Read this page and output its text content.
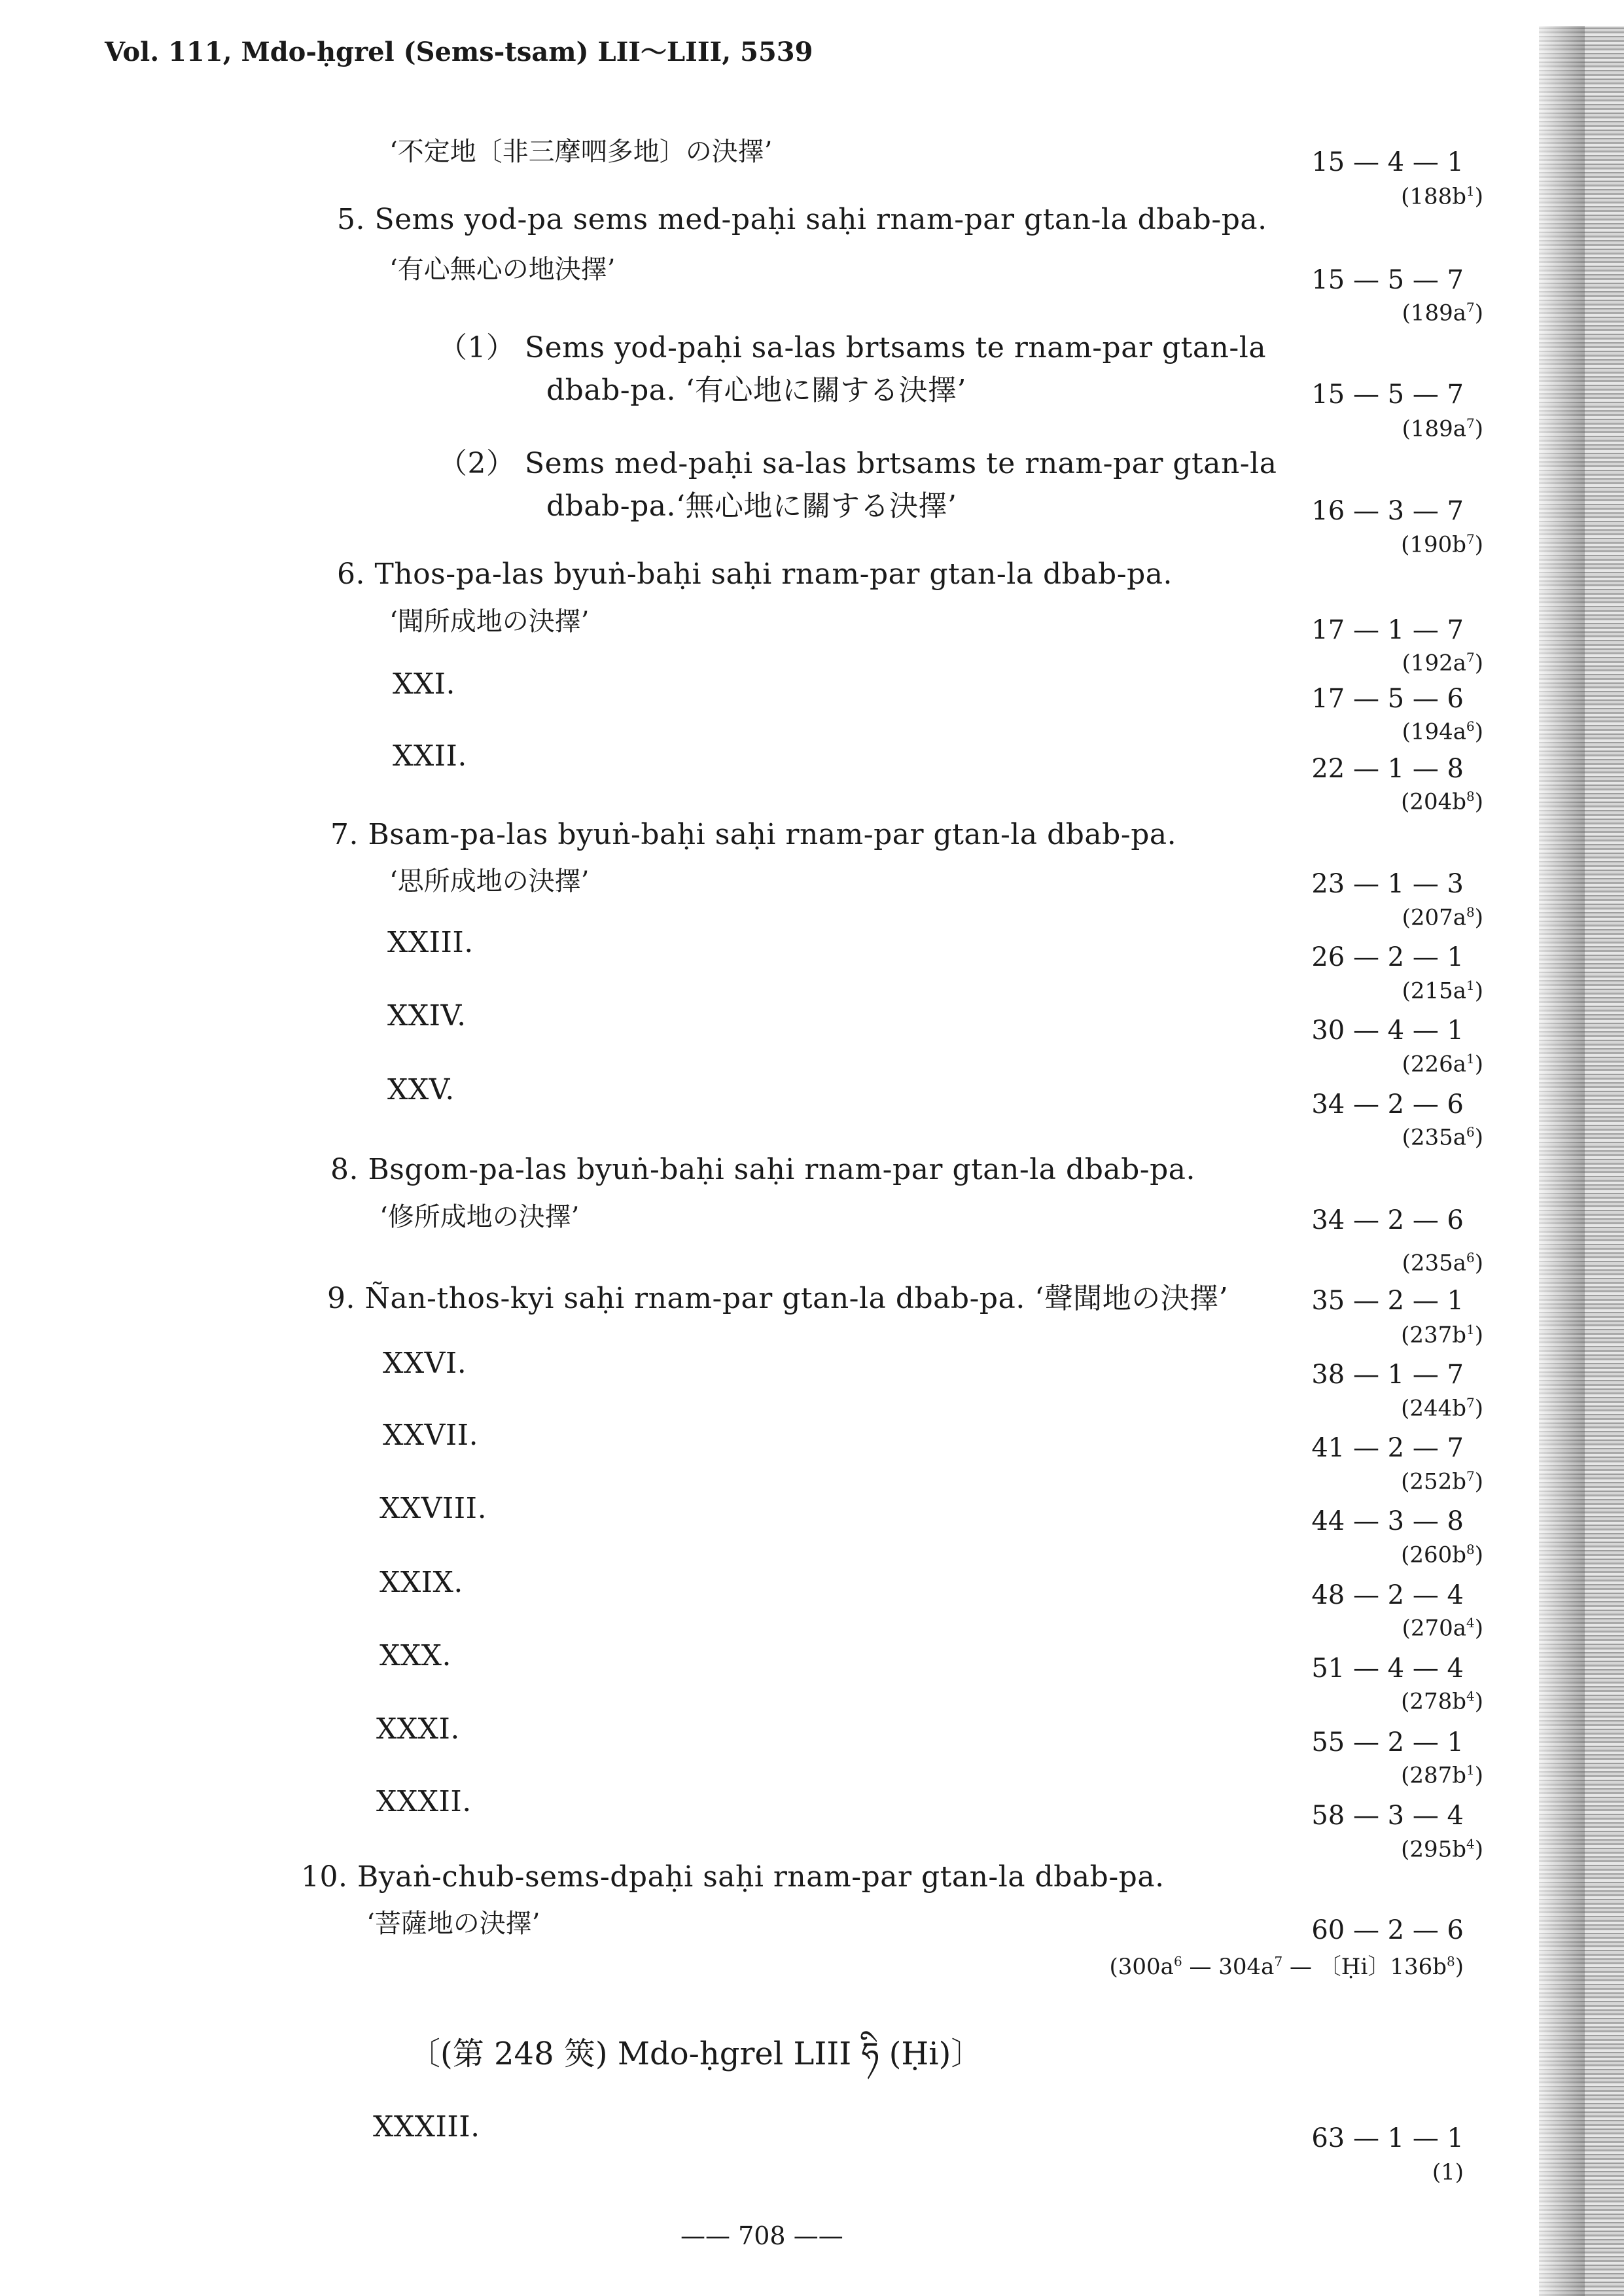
Vol. 111, Mdo-ḥgrel (Sems-tsam) LII～LIII, 5539
‘不定地〔非三摩呬多地〕の決擇’	15 — 4 — 1
$(188b^1)$
5. Sems yod-pa sems med-paḥi saḥi rnam-par gtan-la dbab-pa.
‘有心無心の地決擇’	15 — 5 — 7
$(189a^7)$
（1） Sems yod-paḥi sa-las brtsams te rnam-par gtan-la
dbab-pa. ‘有心地に關する決擇’	15 — 5 — 7
$(189a^7)$
（2） Sems med-paḥi sa-las brtsams te rnam-par gtan-la
dbab-pa.‘無心地に關する決擇’	16 — 3 — 7
$(190b^7)$
6. Thos-pa-las byuṅ-baḥi saḥi rnam-par gtan-la dbab-pa.
‘聞所成地の決擇’	17 — 1 — 7
$(192a^7)$
XXI.	17 — 5 — 6
$(194a^6)$
XXII.	22 — 1 — 8
$(204b^8)$
7. Bsam-pa-las byuṅ-baḥi saḥi rnam-par gtan-la dbab-pa.
‘思所成地の決擇’	23 — 1 — 3
$(207a^8)$
XXIII.	26 — 2 — 1
$(215a^1)$
XXIV.	30 — 4 — 1
$(226a^1)$
XXV.	34 — 2 — 6
$(235a^6)$
8. Bsgom-pa-las byuṅ-baḥi saḥi rnam-par gtan-la dbab-pa.
‘修所成地の決擇’	34 — 2 — 6
$(235a^6)$
9. Ñan-thos-kyi saḥi rnam-par gtan-la dbab-pa. ‘聲聞地の決擇’	35 — 2 — 1
$(237b^1)$
XXVI.	38 — 1 — 7
$(244b^7)$
XXVII.	41 — 2 — 7
$(252b^7)$
XXVIII.	44 — 3 — 8
$(260b^8)$
XXIX.	48 — 2 — 4
$(270a^4)$
XXX.	51 — 4 — 4
$(278b^4)$
XXXI.	55 — 2 — 1
$(287b^1)$
XXXII.	58 — 3 — 4
$(295b^4)$
10. Byaṅ-chub-sems-dpaḥi saḥi rnam-par gtan-la dbab-pa.
‘菩薩地の決擇’	60 — 2 — 6
($300a^6$ — $304a^7$ — 〔Ḥi〕$136b^8$)
〔(第 248 筴) Mdo-ḥgrel LIII ཧི (Ḥi)〕
XXXIII.	63 — 1 — 1
(1)
—— 708 ——
